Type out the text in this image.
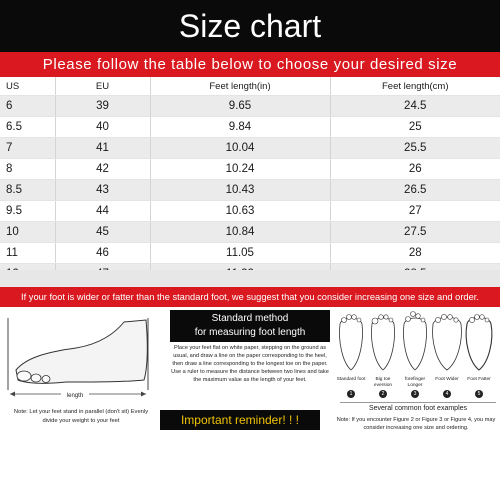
Size chart
Please follow the table below to choose your desired size
US	EU	Feet length(in)	Feet length(cm)
6	39	9.65	24.5
6.5	40	9.84	25
7	41	10.04	25.5
8	42	10.24	26
8.5	43	10.43	26.5
9.5	44	10.63	27
10	45	10.84	27.5
11	46	11.05	28

If your foot is wider or fatter than the standard foot, we suggest that you consider increasing one size and order.
length
Note: Let your feet stand in parallel (don't sit) Evenly divide your weight to your feet
Standard method
for measuring foot length
Place your feet flat on white paper, stepping on the ground as usual, and draw a line on the paper corresponding to the heel, then draw a line corresponding to the longest toe on the paper. Use a ruler to measure the distance between two lines and take the maximum value as the length of your feet.
Important reminder! ! !
Standard foot	Big toe eversion
forefinger Longer
Foot Wider	Foot Fatter
1	2	3	4	5
Several common foot examples
Note: If you encounter Figure 2 or Figure 3 or Figure 4, you may consider increasing one size and ordering.
